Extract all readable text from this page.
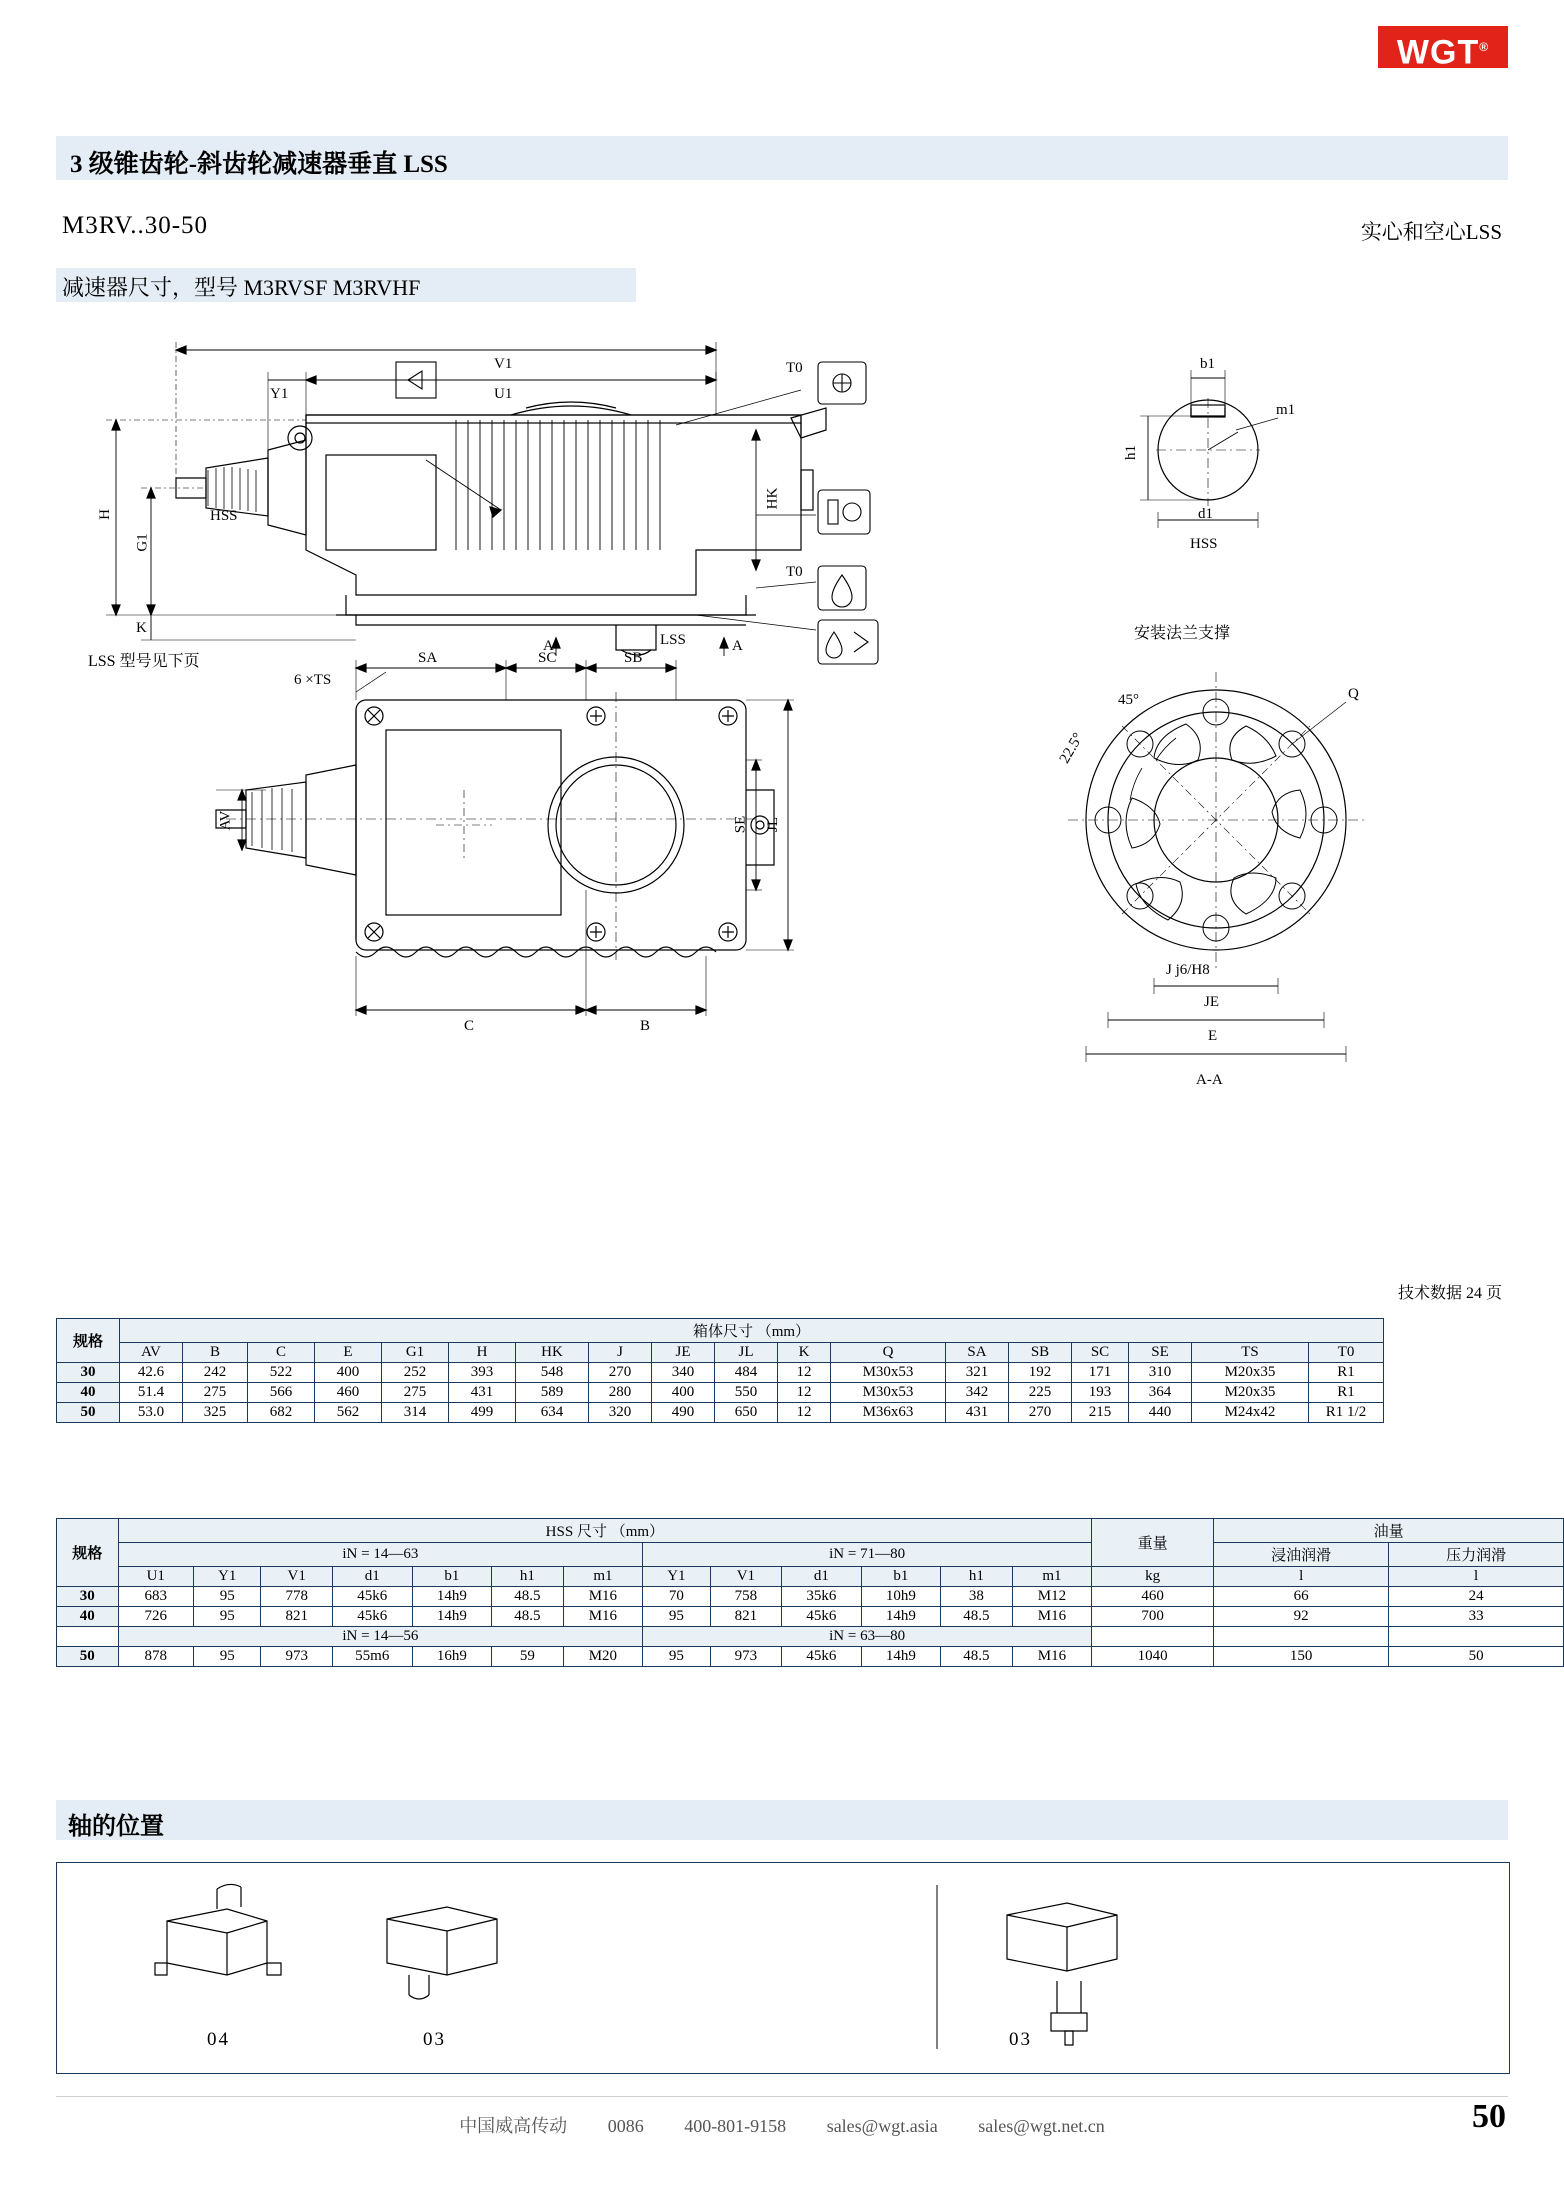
WGT®
3 级锥齿轮-斜齿轮减速器垂直 LSS
M3RV..30-50	实心和空心LSS
减速器尺寸，型号 M3RVSF M3RVHF
V1
U1
Y1
T0
T0
HK
H
G1
K
HSS
A	A
LSS
LSS 型号见下页
6 ×TS
SA	SC	SB
AV	SE JL
C	B
b1
m1
h1
d1
HSS
安装法兰支撑
45°
22.5°
Q
J j6/H8
JE
E
A-A
技术数据 24 页
规格	箱体尺寸 （mm）																	
	AV	B	C	E	G1	H	HK	J	JE	JL	K	Q	SA	SB	SC	SE	TS	T0
30	42.6	242	522	400	252	393	548	270	340	484	12	M30x53	321	192	171	310	M20x35	R1
40	51.4	275	566	460	275	431	589	280	400	550	12	M30x53	342	225	193	364	M20x35	R1
50	53.0	325	682	562	314	499	634	320	490	650	12	M36x63	431	270	215	440	M24x42	R1 1/2
规格	HSS 尺寸 （mm）													重量	油量	
	iN = 14—63							iN = 71—80							浸油润滑	压力润滑
	U1	Y1	V1	d1	b1	h1	m1	Y1	V1	d1	b1	h1	m1	kg	l	l
30	683	95	778	45k6	14h9	48.5	M16	70	758	35k6	10h9	38	M12	460	66	24
40	726	95	821	45k6	14h9	48.5	M16	95	821	45k6	14h9	48.5	M16	700	92	33
	iN = 14—56							iN = 63—80								
50	878	95	973	55m6	16h9	59	M20	95	973	45k6	14h9	48.5	M16	1040	150	50
轴的位置
04	03	03
中国威高传动 0086 400-801-9158 sales@wgt.asia sales@wgt.net.cn	50
